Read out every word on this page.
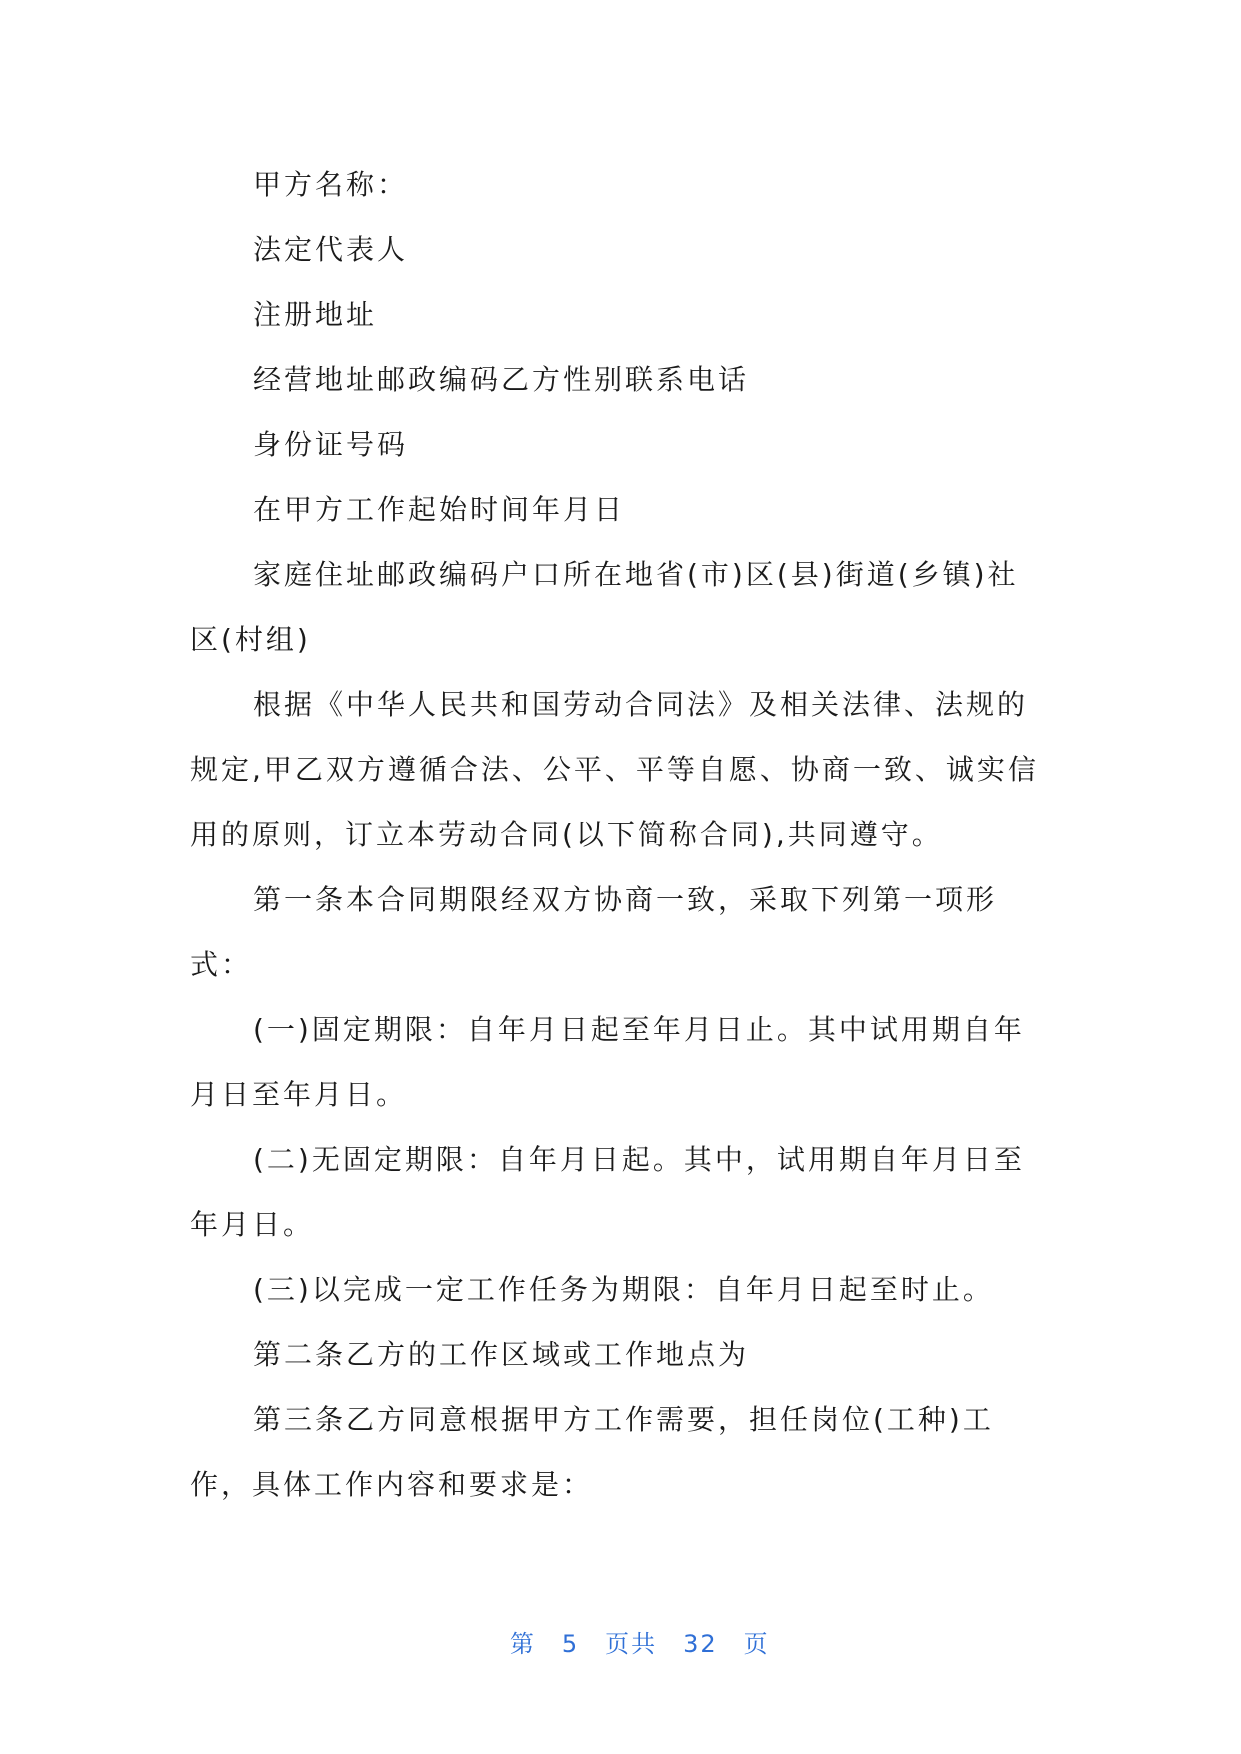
甲方名称：
法定代表人
注册地址
经营地址邮政编码乙方性别联系电话
身份证号码
在甲方工作起始时间年月日
家庭住址邮政编码户口所在地省(市)区(县)街道(乡镇)社
区(村组)
根据《中华人民共和国劳动合同法》及相关法律、法规的
规定,甲乙双方遵循合法、公平、平等自愿、协商一致、诚实信
用的原则，订立本劳动合同(以下简称合同),共同遵守。
第一条本合同期限经双方协商一致，采取下列第一项形
式：
(一)固定期限：自年月日起至年月日止。其中试用期自年
月日至年月日。
(二)无固定期限：自年月日起。其中，试用期自年月日至
年月日。
(三)以完成一定工作任务为期限：自年月日起至时止。
第二条乙方的工作区域或工作地点为
第三条乙方同意根据甲方工作需要，担任岗位(工种)工
作，具体工作内容和要求是：

第 5 页共 32 页
